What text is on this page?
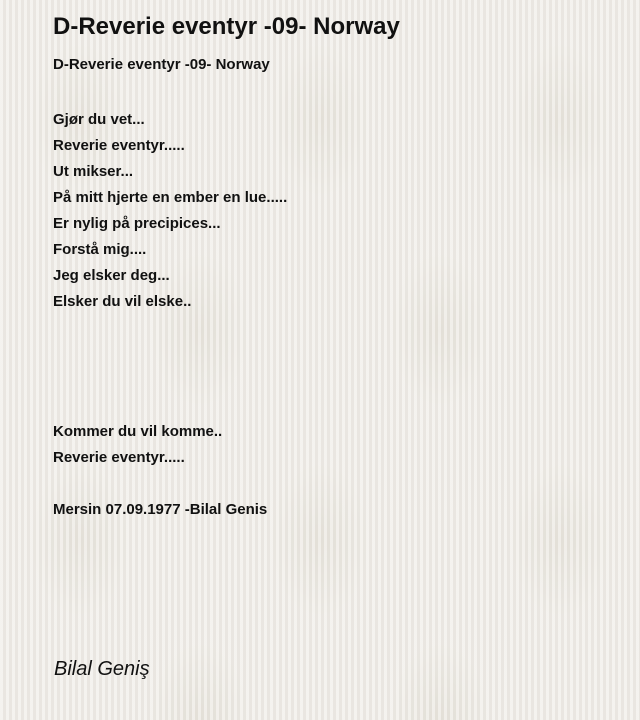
D-Reverie eventyr -09- Norway
D-Reverie eventyr -09- Norway
Gjør du vet...
Reverie eventyr.....
Ut mikser...
På mitt hjerte en ember en lue.....
Er nylig på precipices...
Forstå mig....
Jeg elsker deg...
Elsker du vil elske..
Kommer du vil komme..
Reverie eventyr.....
Mersin 07.09.1977 -Bilal Genis
Bilal Geniş
